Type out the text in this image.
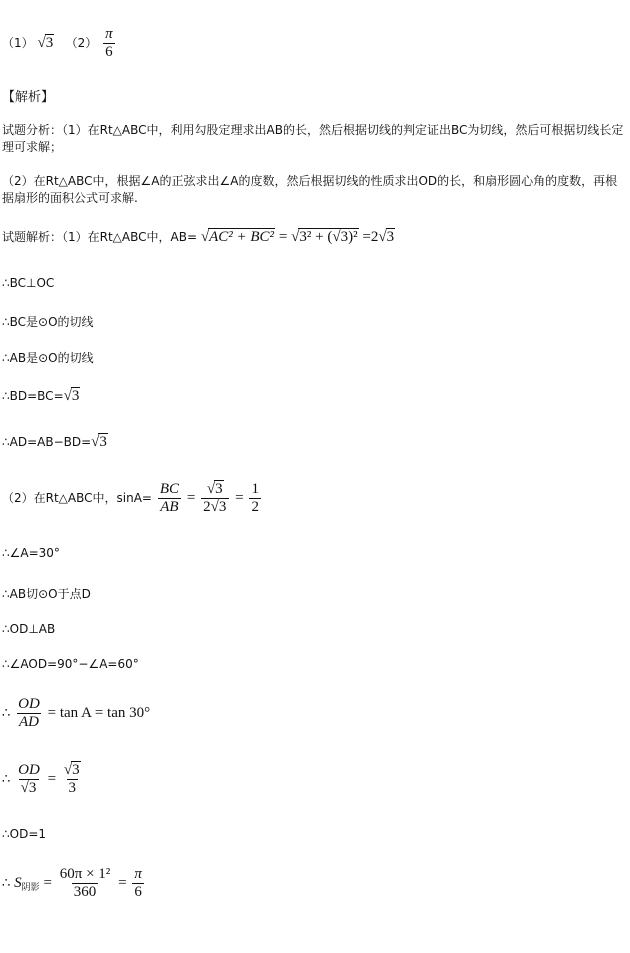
（1） √3 $(2) \frac{\pi}{6}$
【解析】
试题分析：（1）在Rt△ABC中，利用勾股定理求出AB的长，然后根据切线的判定证出BC为切线，然后可根据切线长定理可求解；
（2）在Rt△ABC中，根据∠A的正弦求出∠A的度数，然后根据切线的性质求出OD的长，和扇形圆心角的度数，再根据扇形的面积公式可求解.
试题解析：（1）在Rt△ABC中，AB= √AC² + BC² = √3² + (√3)² =2√3
∴BC⊥OC
∴BC是⊙O的切线
∴AB是⊙O的切线
∴BD=BC=√3
∴AD=AB−BD=√3
（2）在Rt△ABC中，$\sin A= \frac{BC}{AB} = \frac{√3}{2√3} = \frac{1}{2}$
∴∠A=30°
∴AB切⊙O于点D
∴OD⊥AB
∴∠AOD=90°−∠A=60°
∴ $\frac{OD}{AD} = \tan A = \tan 30^\circ$
∴ $\frac{OD}{√3} = \frac{√3}{3}$
∴OD=1
∴ $S_{阴影} = \frac{\text{60π × 1²}}{360} = \frac{\pi}{6}$
